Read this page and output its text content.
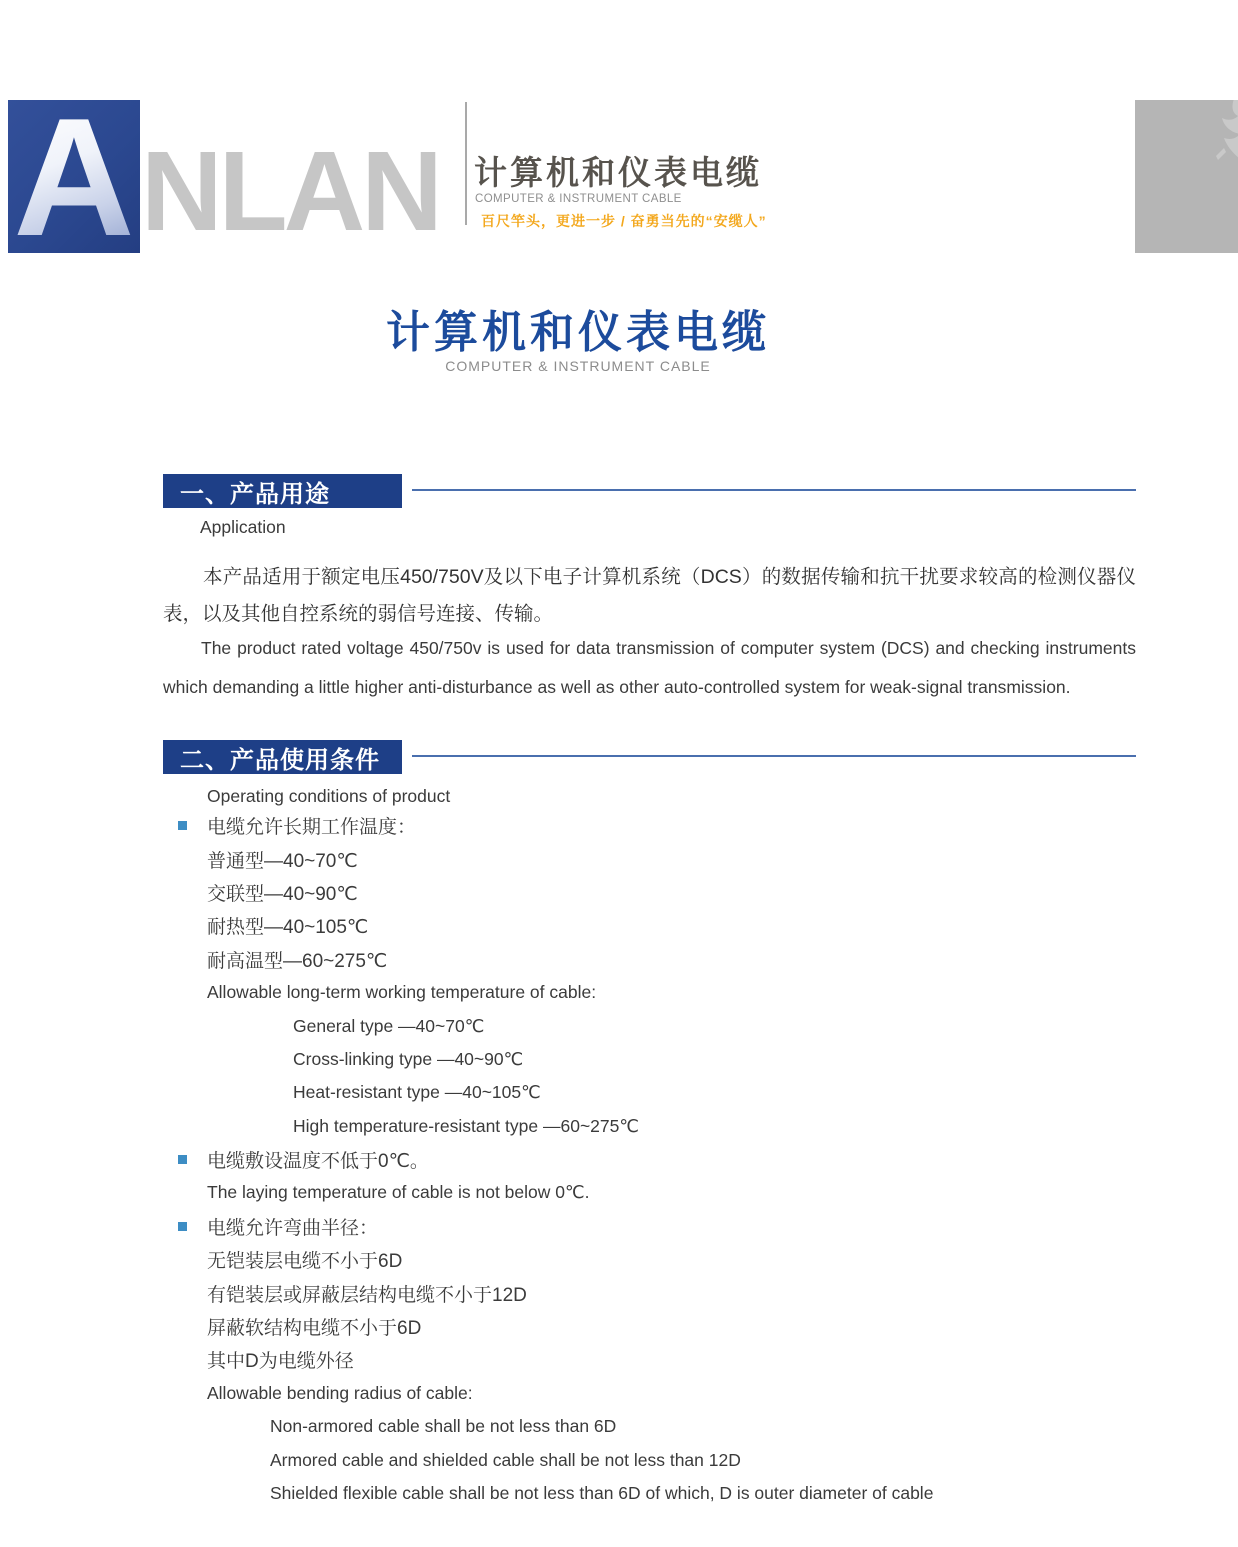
A NLAN 计算机和仪表电缆
COMPUTER & INSTRUMENT CABLE
百尺竿头，更进一步 / 奋勇当先的“安缆人”
计算机和仪表电缆
COMPUTER & INSTRUMENT CABLE
一、产品用途
Application
本产品适用于额定电压450/750V及以下电子计算机系统（DCS）的数据传输和抗干扰要求较高的检测仪器仪表，以及其他自控系统的弱信号连接、传输。
The product rated voltage 450/750v is used for data transmission of computer system (DCS) and checking instruments which demanding a little higher anti-disturbance as well as other auto-controlled system for weak-signal transmission.
二、产品使用条件
Operating conditions of product
电缆允许长期工作温度：
普通型—40~70℃
交联型—40~90℃
耐热型—40~105℃
耐高温型—60~275℃
Allowable long-term working temperature of cable:
General type —40~70℃
Cross-linking type —40~90℃
Heat-resistant type —40~105℃
High temperature-resistant type —60~275℃
电缆敷设温度不低于0℃。
The laying temperature of cable is not below 0℃.
电缆允许弯曲半径：
无铠装层电缆不小于6D
有铠装层或屏蔽层结构电缆不小于12D
屏蔽软结构电缆不小于6D
其中D为电缆外径
Allowable bending radius of cable:
Non-armored cable shall be not less than 6D
Armored cable and shielded cable shall be not less than 12D
Shielded flexible cable shall be not less than 6D of which, D is outer diameter of cable
